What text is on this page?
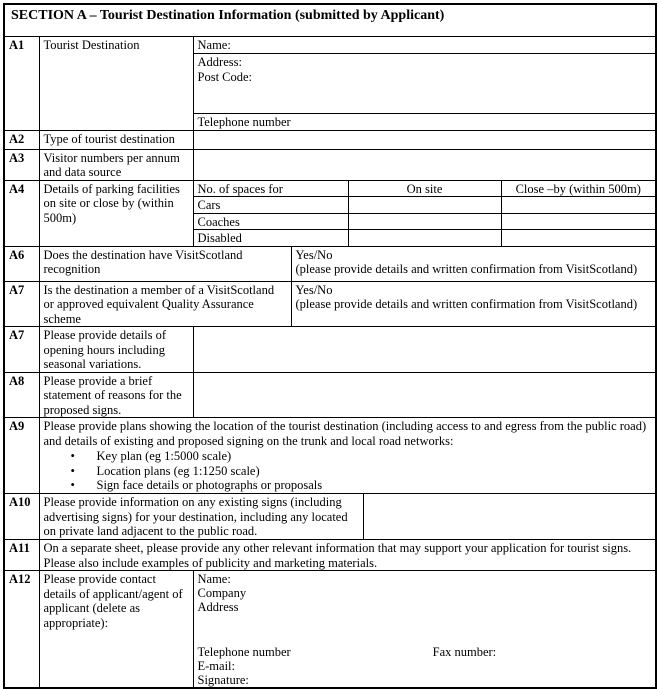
SECTION A – Tourist Destination Information (submitted by Applicant)						
A1	Tourist Destination	Name:				

		Address:
Post Code:				

		Telephone number				
A2	Type of tourist destination					
A3	Visitor numbers per annum and data source					
A4	Details of parking facilities on site or close by (within 500m)	No. of spaces for		On site		Close –by (within 500m)
		Cars				
		Coaches				
		Disabled				
A6	Does the destination have VisitScotland recognition		Yes/No
(please provide details and written confirmation from VisitScotland)			

A7	Is the destination a member of a VisitScotland or approved equivalent Quality Assurance scheme		Yes/No
(please provide details and written confirmation from VisitScotland)			

A7	Please provide details of opening hours including seasonal variations.					
A8	Please provide a brief statement of reasons for the proposed signs.					
A9	Please provide plans showing the location of the tourist destination (including access to and egress from the public road) and details of existing and proposed signing on the trunk and local road networks:
•	Key plan (eg 1:5000 scale)
•	Location plans (eg 1:1250 scale)
•	Sign face details or photographs or proposals

A10	Please provide information on any existing signs (including advertising signs) for your destination, including any located on private land adjacent to the public road.					
A11	On a separate sheet, please provide any other relevant information that may support your application for tourist signs. Please also include examples of publicity and marketing materials.					
A12	Please provide contact details of applicant/agent of applicant (delete as appropriate):	
Name:
Company
Address
Telephone number	Fax number:
E-mail:
Signature:
